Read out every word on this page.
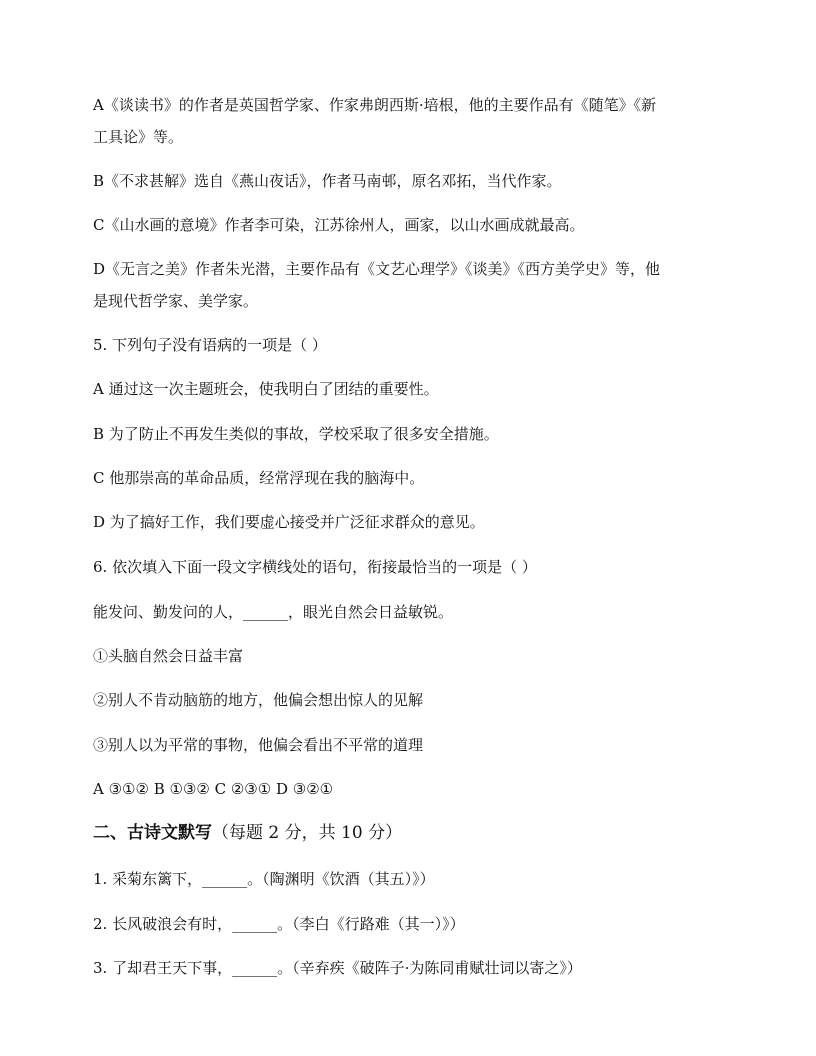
A《谈读书》的作者是英国哲学家、作家弗朗西斯·培根，他的主要作品有《随笔》《新
工具论》等。
B《不求甚解》选自《燕山夜话》，作者马南邨，原名邓拓，当代作家。
C《山水画的意境》作者李可染，江苏徐州人，画家，以山水画成就最高。
D《无言之美》作者朱光潜，主要作品有《文艺心理学》《谈美》《西方美学史》等，他
是现代哲学家、美学家。
5. 下列句子没有语病的一项是（ ）
A 通过这一次主题班会，使我明白了团结的重要性。
B 为了防止不再发生类似的事故，学校采取了很多安全措施。
C 他那崇高的革命品质，经常浮现在我的脑海中。
D 为了搞好工作，我们要虚心接受并广泛征求群众的意见。
6. 依次填入下面一段文字横线处的语句，衔接最恰当的一项是（ ）
能发问、勤发问的人，______，眼光自然会日益敏锐。
①头脑自然会日益丰富
②别人不肯动脑筋的地方，他偏会想出惊人的见解
③别人以为平常的事物，他偏会看出不平常的道理
A ③①② B ①③② C ②③① D ③②①
二、古诗文默写（每题 2 分，共 10 分）
1. 采菊东篱下，______。（陶渊明《饮酒（其五）》）
2. 长风破浪会有时，______。（李白《行路难（其一）》）
3. 了却君王天下事，______。（辛弃疾《破阵子·为陈同甫赋壮词以寄之》）
